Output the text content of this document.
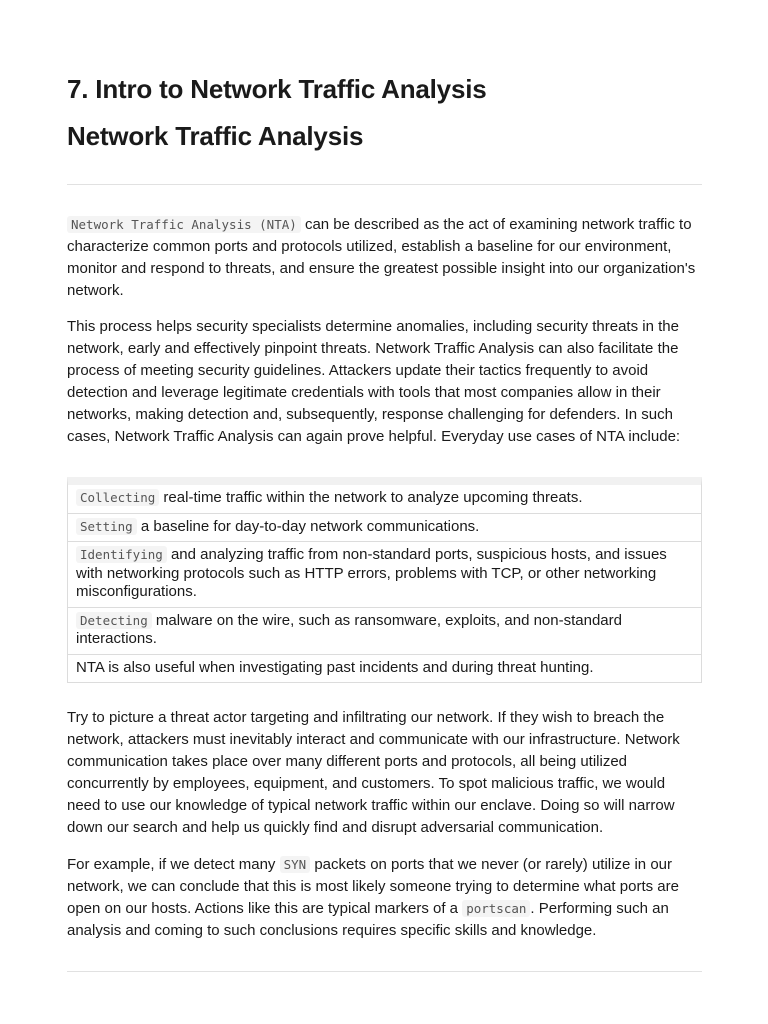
7. Intro to Network Traffic Analysis
Network Traffic Analysis

Network Traffic Analysis (NTA) can be described as the act of examining network traffic to characterize common ports and protocols utilized, establish a baseline for our environment, monitor and respond to threats, and ensure the greatest possible insight into our organization's network.

This process helps security specialists determine anomalies, including security threats in the network, early and effectively pinpoint threats. Network Traffic Analysis can also facilitate the process of meeting security guidelines. Attackers update their tactics frequently to avoid detection and leverage legitimate credentials with tools that most companies allow in their networks, making detection and, subsequently, response challenging for defenders. In such cases, Network Traffic Analysis can again prove helpful. Everyday use cases of NTA include:

Collecting real-time traffic within the network to analyze upcoming threats.
Setting a baseline for day-to-day network communications.
Identifying and analyzing traffic from non-standard ports, suspicious hosts, and issues with networking protocols such as HTTP errors, problems with TCP, or other networking misconfigurations.
Detecting malware on the wire, such as ransomware, exploits, and non-standard interactions.
NTA is also useful when investigating past incidents and during threat hunting.

Try to picture a threat actor targeting and infiltrating our network. If they wish to breach the network, attackers must inevitably interact and communicate with our infrastructure. Network communication takes place over many different ports and protocols, all being utilized concurrently by employees, equipment, and customers. To spot malicious traffic, we would need to use our knowledge of typical network traffic within our enclave. Doing so will narrow down our search and help us quickly find and disrupt adversarial communication.

For example, if we detect many SYN packets on ports that we never (or rarely) utilize in our network, we can conclude that this is most likely someone trying to determine what ports are open on our hosts. Actions like this are typical markers of a portscan . Performing such an analysis and coming to such conclusions requires specific skills and knowledge.
